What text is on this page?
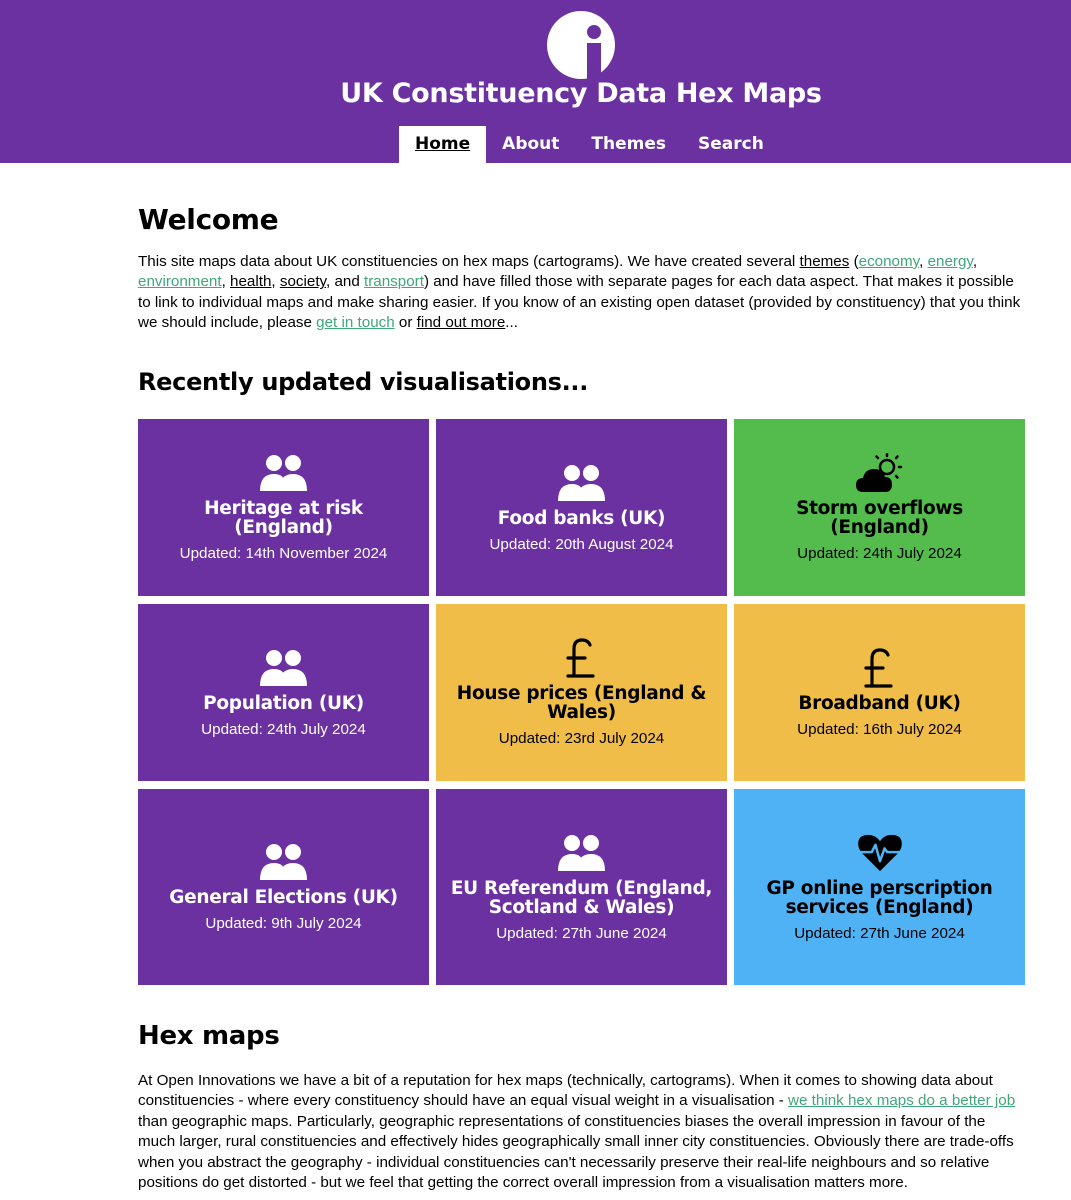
UK Constituency Data Hex Maps
Home	About	Themes	Search
Welcome

This site maps data about UK constituencies on hex maps (cartograms). We have created several themes (economy, energy, environment, health, society, and transport) and have filled those with separate pages for each data aspect. That makes it possible to link to individual maps and make sharing easier. If you know of an existing open dataset (provided by constituency) that you think we should include, please get in touch or find out more...

Recently updated visualisations...
Heritage at risk (England)
Updated: 14th November 2024
Food banks (UK)
Updated: 20th August 2024
Storm overflows (England)
Updated: 24th July 2024
Population (UK)
Updated: 24th July 2024
House prices (England & Wales)
Updated: 23rd July 2024
Broadband (UK)
Updated: 16th July 2024
General Elections (UK)
Updated: 9th July 2024
EU Referendum (England, Scotland & Wales)
Updated: 27th June 2024
GP online perscription services (England)
Updated: 27th June 2024
Hex maps

At Open Innovations we have a bit of a reputation for hex maps (technically, cartograms). When it comes to showing data about constituencies - where every constituency should have an equal visual weight in a visualisation - we think hex maps do a better job than geographic maps. Particularly, geographic representations of constituencies biases the overall impression in favour of the much larger, rural constituencies and effectively hides geographically small inner city constituencies. Obviously there are trade-offs when you abstract the geography - individual constituencies can't necessarily preserve their real-life neighbours and so relative positions do get distorted - but we feel that getting the correct overall impression from a visualisation matters more.
